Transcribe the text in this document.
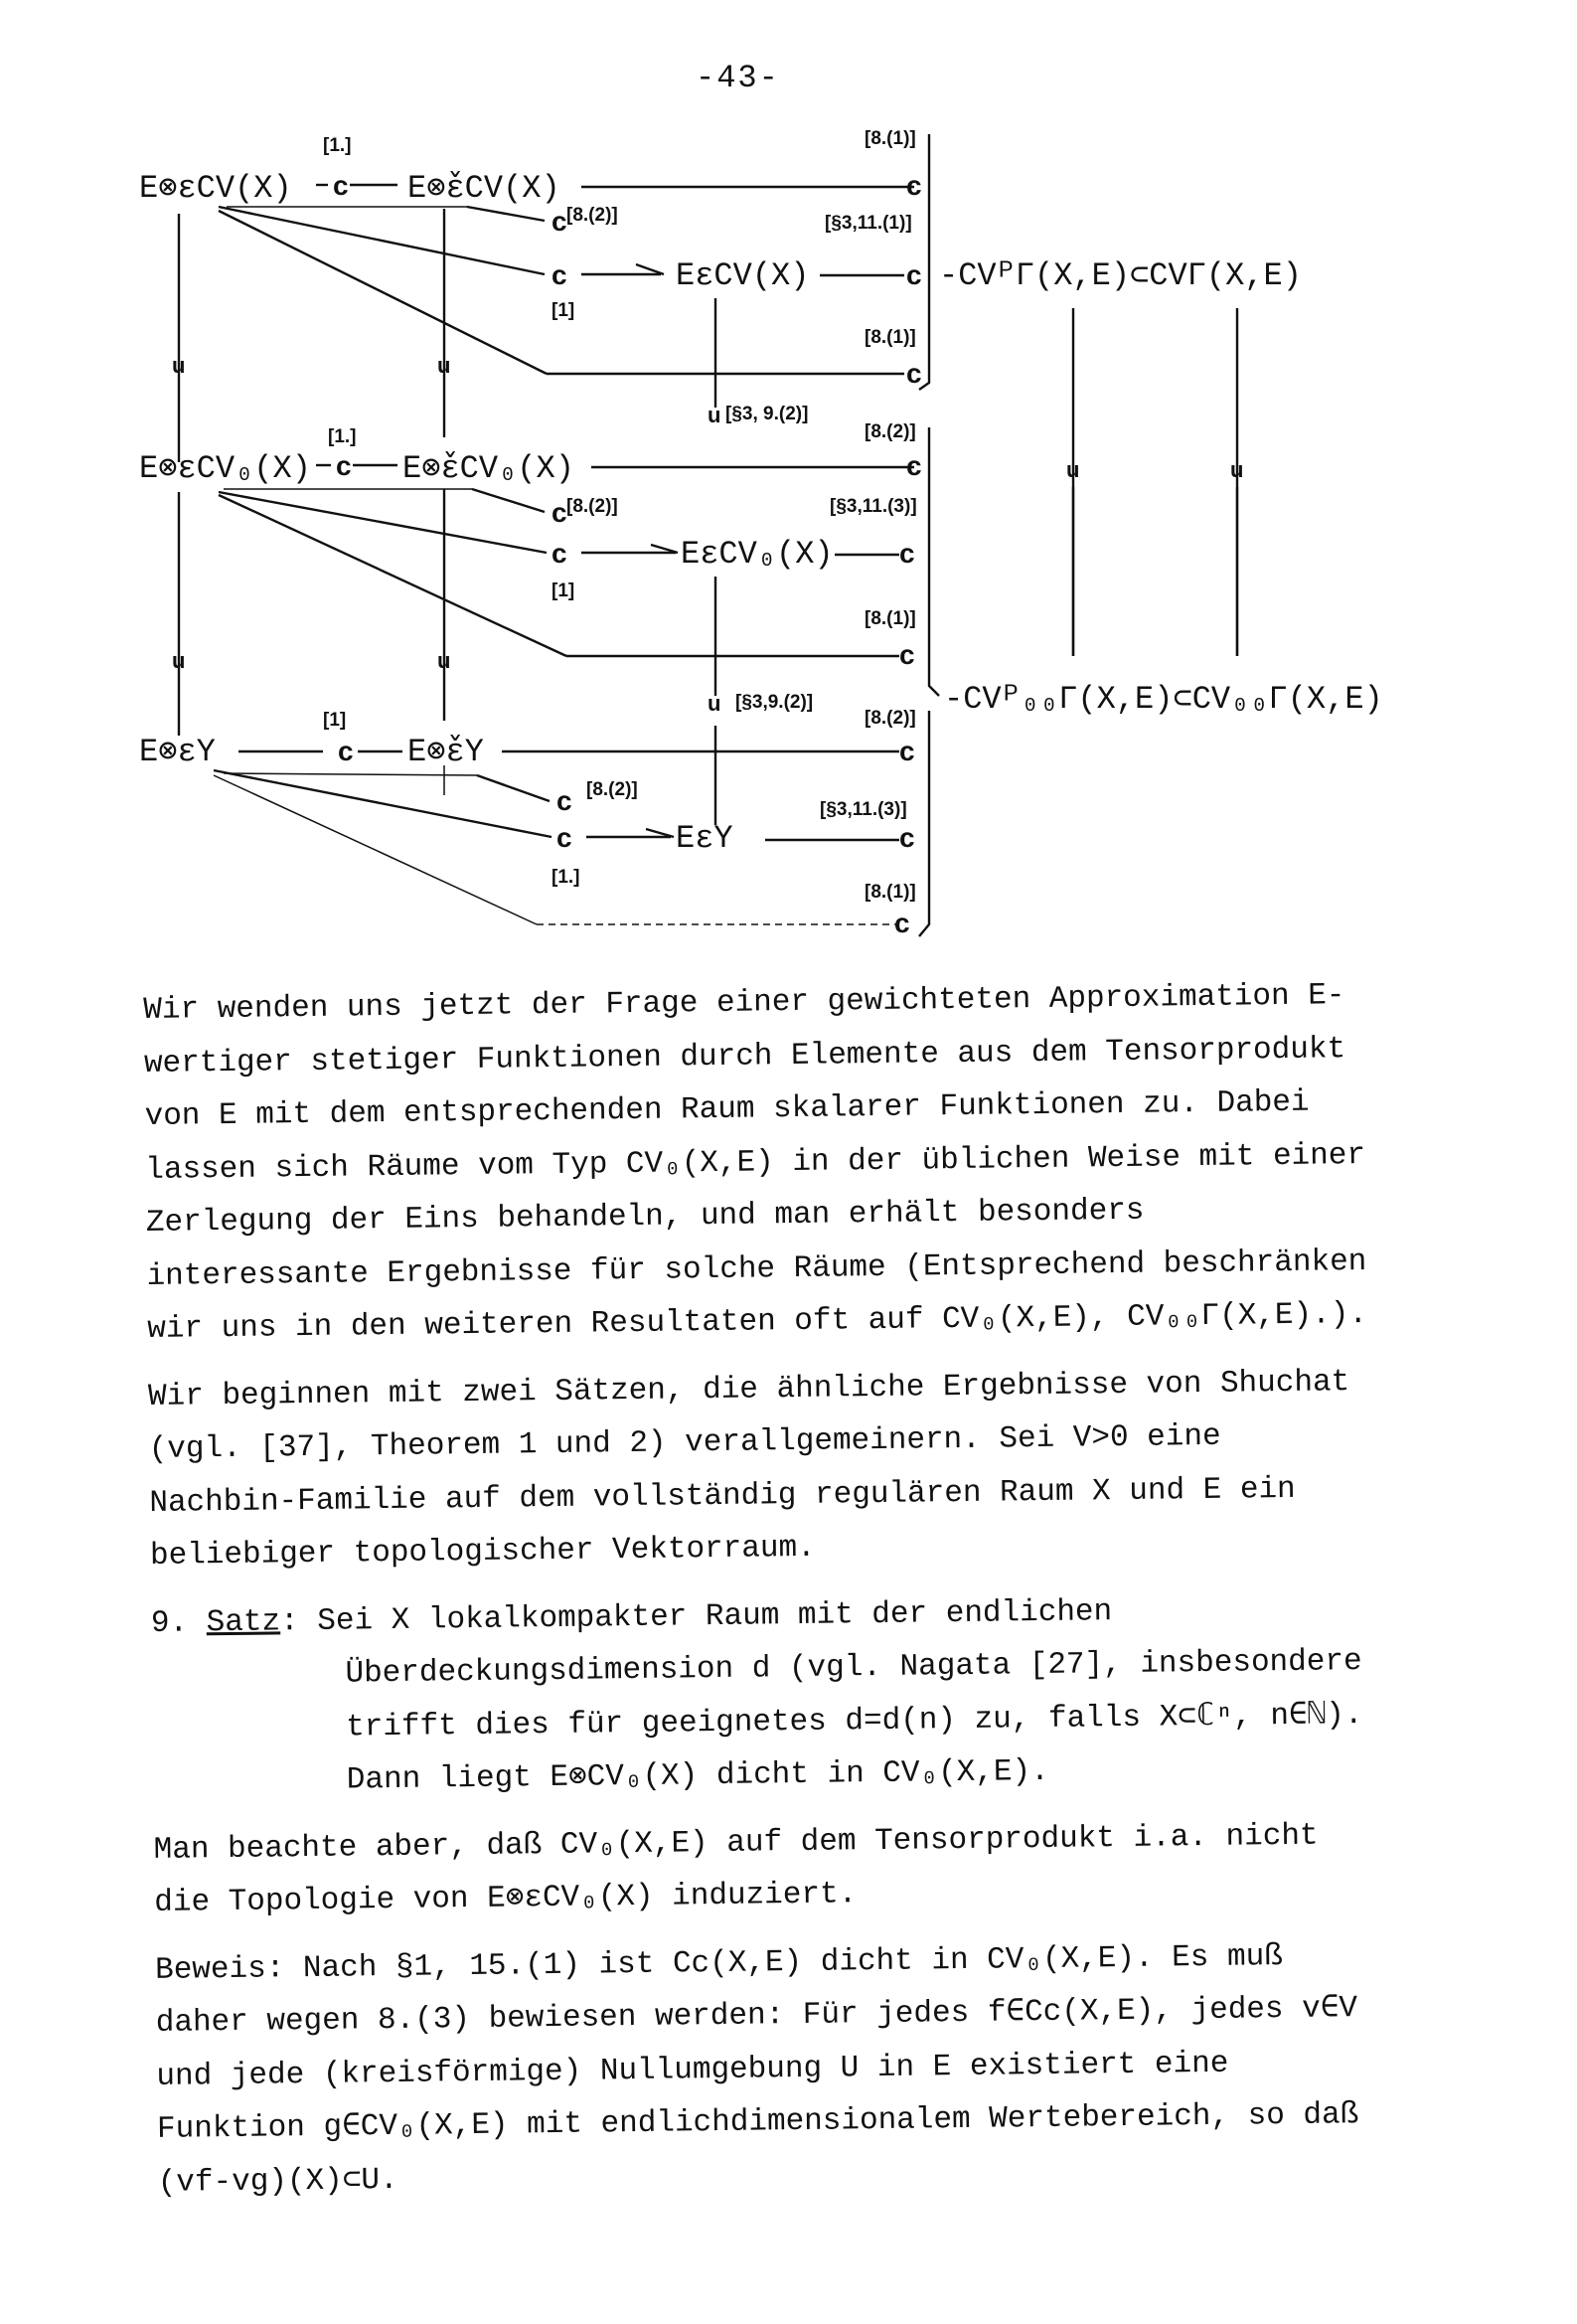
-43-
E⊗εCV(X)
[1.]
c E⊗̌εCV(X)
[8.(1)]
c
c [8.(2)]
c
[1]
EεCV(X)
[§3,11.(1)]
c -CVᴾΓ(X,E)⊂CVΓ(X,E)
[8.(1)]
c
u	u
u [§3, 9.(2)]
u	u
E⊗εCV₀(X)
[1.]
c E⊗̌εCV₀(X)
[8.(2)]
c
c [8.(2)]
c
[1]
EεCV₀(X)
[§3,11.(3)]
c
[8.(1)]
c
u	u
u [§3,9.(2)]	-CVᴾ₀₀Γ(X,E)⊂CV₀₀Γ(X,E)
E⊗εY
[1]
c E⊗̌εY
[8.(2)]
c
c [8.(2)]
c
[1.]
EεY
[§3,11.(3)]
c
[8.(1)]
c

Wir wenden uns jetzt der Frage einer gewichteten Approximation E-wertiger stetiger Funktionen durch Elemente aus dem Tensorprodukt von E mit dem entsprechenden Raum skalarer Funktionen zu. Dabei lassen sich Räume vom Typ CV₀(X,E) in der üblichen Weise mit einer Zerlegung der Eins behandeln, und man erhält besonders interessante Ergebnisse für solche Räume (Entsprechend beschränken wir uns in den weiteren Resultaten oft auf CV₀(X,E), CV₀₀Γ(X,E).).

Wir beginnen mit zwei Sätzen, die ähnliche Ergebnisse von Shuchat (vgl. [37], Theorem 1 und 2) verallgemeinern. Sei V>0 eine Nachbin-Familie auf dem vollständig regulären Raum X und E ein beliebiger topologischer Vektorraum.

9. Satz: Sei X lokalkompakter Raum mit der endlichen Überdeckungsdimension d (vgl. Nagata [27], insbesondere trifft dies für geeignetes d=d(n) zu, falls X⊂ℂⁿ, n∈ℕ). Dann liegt E⊗CV₀(X) dicht in CV₀(X,E).

Man beachte aber, daß CV₀(X,E) auf dem Tensorprodukt i.a. nicht die Topologie von E⊗εCV₀(X) induziert.

Beweis: Nach §1, 15.(1) ist Cc(X,E) dicht in CV₀(X,E). Es muß daher wegen 8.(3) bewiesen werden: Für jedes f∈Cc(X,E), jedes v∈V und jede (kreisförmige) Nullumgebung U in E existiert eine Funktion g∈CV₀(X,E) mit endlichdimensionalem Wertebereich, so daß (vf-vg)(X)⊂U.
